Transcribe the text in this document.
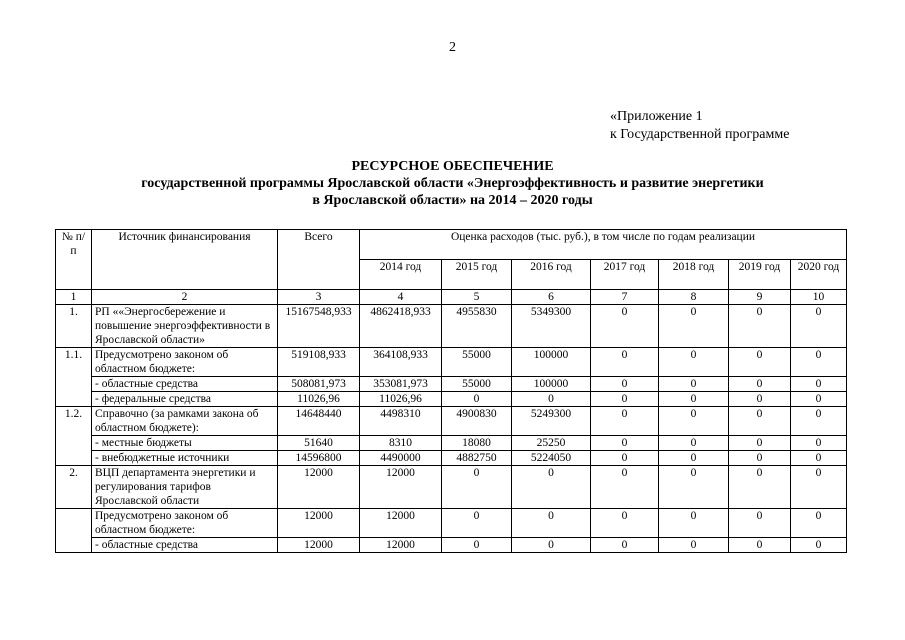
2
«Приложение 1
к Государственной программе
РЕСУРСНОЕ ОБЕСПЕЧЕНИЕ
государственной программы Ярославской области «Энергоэффективность и развитие энергетики
в Ярославской области» на 2014 – 2020 годы
№ п/п	Источник финансирования	Всего	Оценка расходов (тыс. руб.), в том числе по годам реализации						
			2014 год	2015 год	2016 год	2017 год	2018 год	2019 год	2020 год
1	2	3	4	5	6	7	8	9	10
1.	РП ««Энергосбережение и повышение энергоэффективности в Ярославской области»	15167548,933	4862418,933	4955830	5349300	0	0	0	0
1.1.	Предусмотрено законом об областном бюджете:	519108,933	364108,933	55000	100000	0	0	0	0
	- областные средства	508081,973	353081,973	55000	100000	0	0	0	0
	- федеральные средства	11026,96	11026,96	0	0	0	0	0	0
1.2.	Справочно (за рамками закона об областном бюджете):	14648440	4498310	4900830	5249300	0	0	0	0
	- местные бюджеты	51640	8310	18080	25250	0	0	0	0
	- внебюджетные источники	14596800	4490000	4882750	5224050	0	0	0	0
2.	ВЦП департамента энергетики и регулирования тарифов Ярославской области	12000	12000	0	0	0	0	0	0
	Предусмотрено законом об областном бюджете:	12000	12000	0	0	0	0	0	0
	- областные средства	12000	12000	0	0	0	0	0	0
